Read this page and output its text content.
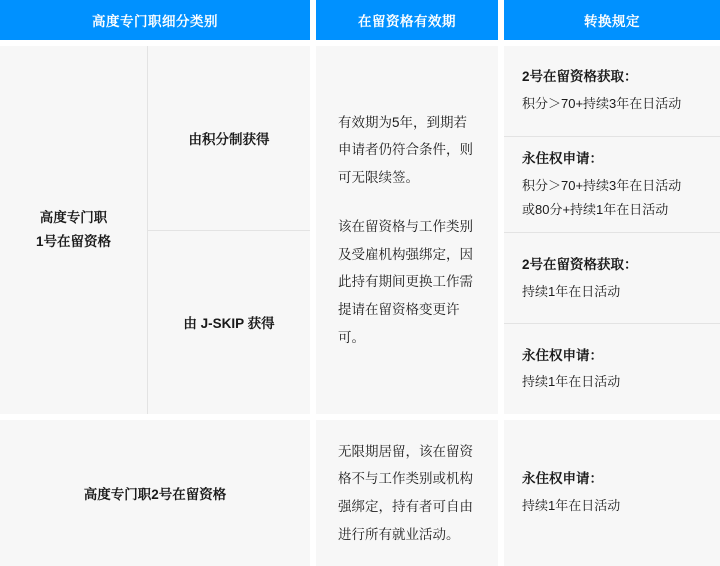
高度专门职细分类别	在留资格有效期	转换规定
高度专门职
1号在留资格
由积分制获得
由 J-SKIP 获得

有效期为5年，到期若申请者仍符合条件，则可无限续签。

该在留资格与工作类别及受雇机构强绑定，因此持有期间更换工作需提请在留资格变更许可。

2号在留资格获取：
积分＞70+持续3年在日活动
永住权申请：
积分＞70+持续3年在日活动
或80分+持续1年在日活动
2号在留资格获取：
持续1年在日活动
永住权申请：
持续1年在日活动
高度专门职2号在留资格

无限期居留，该在留资格不与工作类别或机构强绑定，持有者可自由进行所有就业活动。

永住权申请：
持续1年在日活动
